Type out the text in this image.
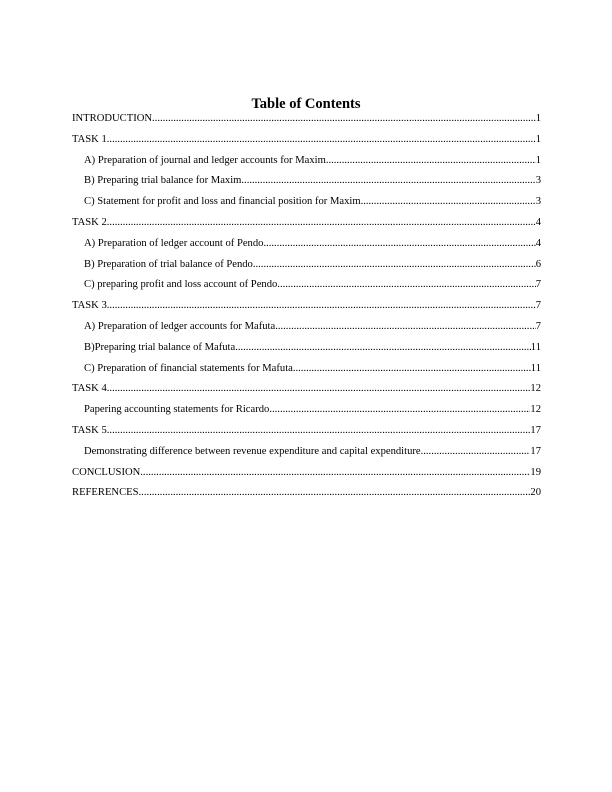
Table of Contents
INTRODUCTION .....	1
TASK 1 .....	1
A) Preparation of journal and ledger accounts for Maxim .....	1
B) Preparing trial balance for Maxim .....	3
C) Statement for profit and loss and financial position for Maxim .....	3
TASK 2 .....	4
A) Preparation of ledger account of Pendo .....	4
B) Preparation of trial balance of Pendo .....	6
C) preparing profit and loss account of Pendo .....	7
TASK 3 .....	7
A) Preparation of ledger accounts for Mafuta .....	7
B)Preparing trial balance of Mafuta .....	11
C) Preparation of financial statements for Mafuta .....	11
TASK 4 .....	12
Papering accounting statements for Ricardo .....	12
TASK 5 .....	17
Demonstrating difference between revenue expenditure and capital expenditure .....	17
CONCLUSION .....	19
REFERENCES .....	20
